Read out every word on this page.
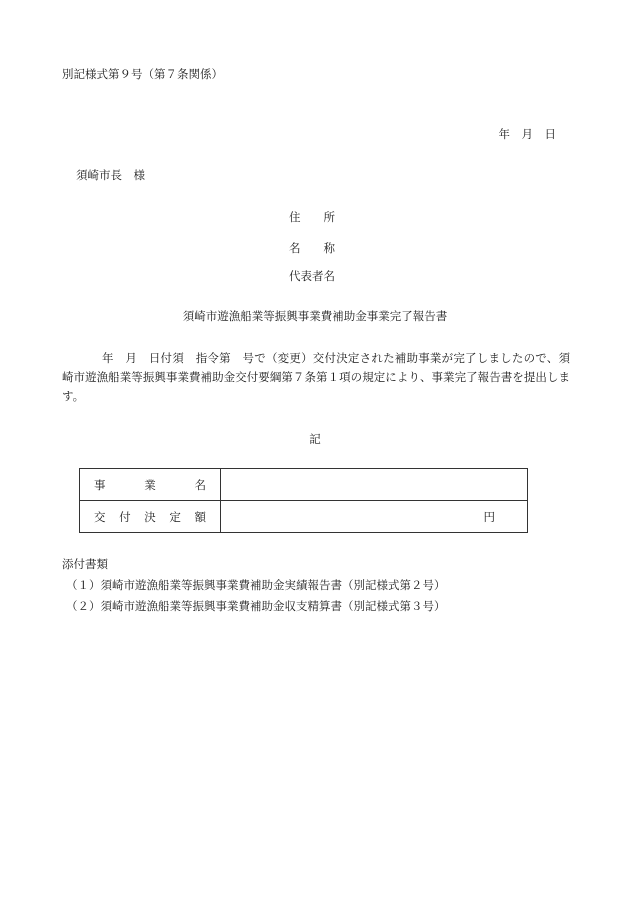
別記様式第９号（第７条関係）
年　月　日
須崎市長　様
住　　所
名　　称
代表者名
須崎市遊漁船業等振興事業費補助金事業完了報告書
年　月　日付須　指令第　号で（変更）交付決定された補助事業が完了しましたので、須崎市遊漁船業等振興事業費補助金交付要綱第７条第１項の規定により、事業完了報告書を提出します。
記
事 業 名	

交 付 決 定 額	円
添付書類
（１）須崎市遊漁船業等振興事業費補助金実績報告書（別記様式第２号）
（２）須崎市遊漁船業等振興事業費補助金収支精算書（別記様式第３号）
